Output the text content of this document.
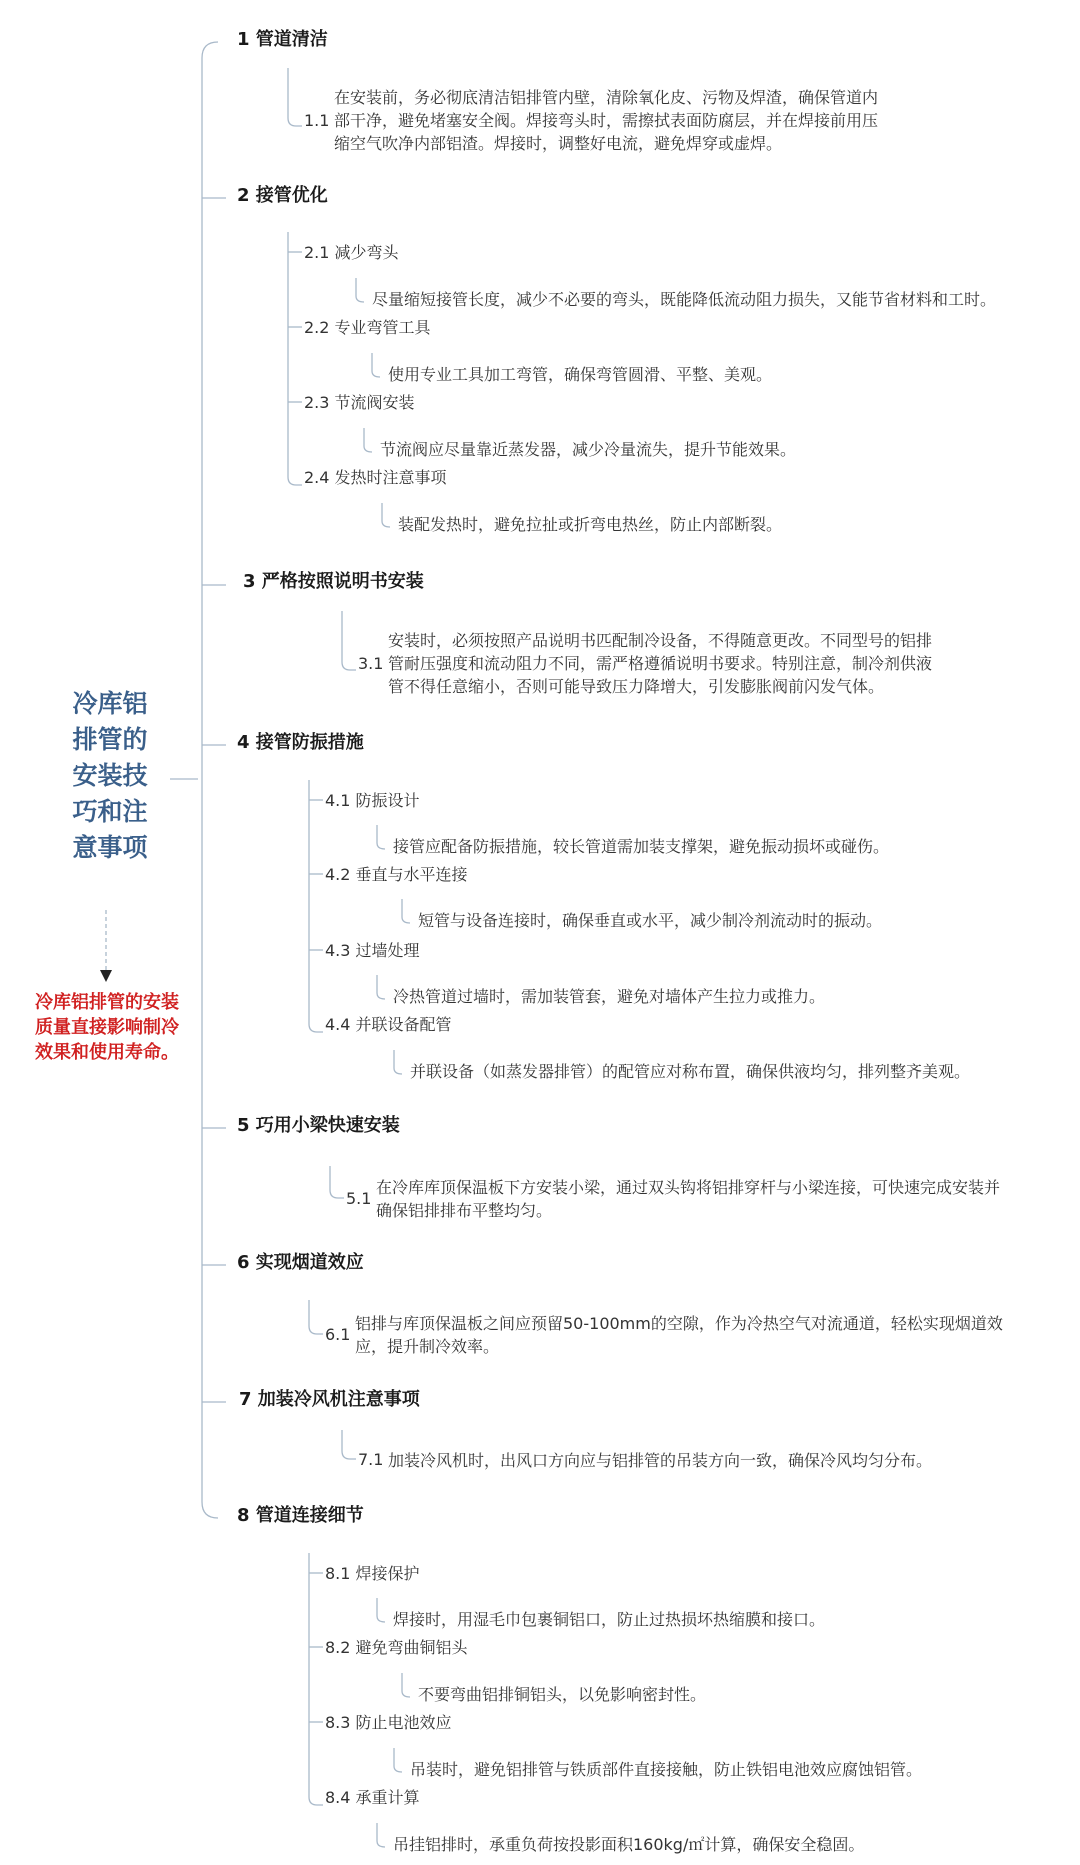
冷库铝
排管的
安装技
巧和注
意事项
冷库铝排管的安装
质量直接影响制冷
效果和使用寿命。
1 管道清洁
1.1
在安装前，务必彻底清洁铝排管内壁，清除氧化皮、污物及焊渣，确保管道内
部干净，避免堵塞安全阀。焊接弯头时，需擦拭表面防腐层，并在焊接前用压
缩空气吹净内部铝渣。焊接时，调整好电流，避免焊穿或虚焊。
2 接管优化
2.1 减少弯头
尽量缩短接管长度，减少不必要的弯头，既能降低流动阻力损失，又能节省材料和工时。
2.2 专业弯管工具
使用专业工具加工弯管，确保弯管圆滑、平整、美观。
2.3 节流阀安装
节流阀应尽量靠近蒸发器，减少冷量流失，提升节能效果。
2.4 发热时注意事项
装配发热时，避免拉扯或折弯电热丝，防止内部断裂。
3 严格按照说明书安装
3.1
安装时，必须按照产品说明书匹配制冷设备，不得随意更改。不同型号的铝排
管耐压强度和流动阻力不同，需严格遵循说明书要求。特别注意，制冷剂供液
管不得任意缩小，否则可能导致压力降增大，引发膨胀阀前闪发气体。
4 接管防振措施
4.1 防振设计
接管应配备防振措施，较长管道需加装支撑架，避免振动损坏或碰伤。
4.2 垂直与水平连接
短管与设备连接时，确保垂直或水平，减少制冷剂流动时的振动。
4.3 过墙处理
冷热管道过墙时，需加装管套，避免对墙体产生拉力或推力。
4.4 并联设备配管
并联设备（如蒸发器排管）的配管应对称布置，确保供液均匀，排列整齐美观。
5 巧用小梁快速安装
5.1
在冷库库顶保温板下方安装小梁，通过双头钩将铝排穿杆与小梁连接，可快速完成安装并
确保铝排排布平整均匀。
6 实现烟道效应
6.1
铝排与库顶保温板之间应预留50-100mm的空隙，作为冷热空气对流通道，轻松实现烟道效
应，提升制冷效率。
7 加装冷风机注意事项
7.1 加装冷风机时，出风口方向应与铝排管的吊装方向一致，确保冷风均匀分布。
8 管道连接细节
8.1 焊接保护
焊接时，用湿毛巾包裹铜铝口，防止过热损坏热缩膜和接口。
8.2 避免弯曲铜铝头
不要弯曲铝排铜铝头，以免影响密封性。
8.3 防止电池效应
吊装时，避免铝排管与铁质部件直接接触，防止铁铝电池效应腐蚀铝管。
8.4 承重计算
吊挂铝排时，承重负荷按投影面积160kg/㎡计算，确保安全稳固。
